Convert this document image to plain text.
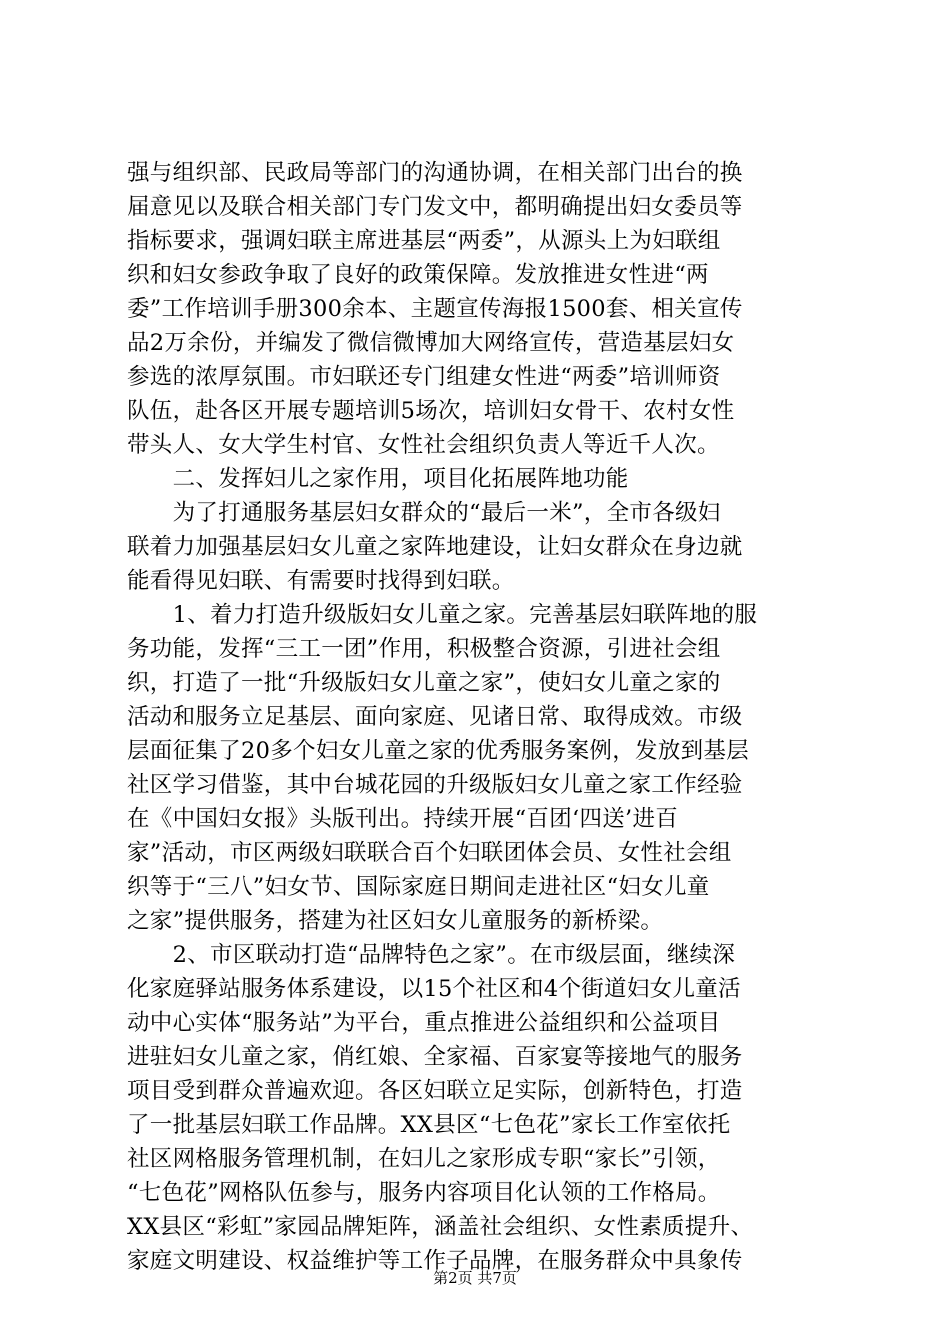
强与组织部、民政局等部门的沟通协调，在相关部门出台的换
届意见以及联合相关部门专门发文中，都明确提出妇女委员等
指标要求，强调妇联主席进基层“两委”，从源头上为妇联组
织和妇女参政争取了良好的政策保障。发放推进女性进“两
委”工作培训手册300余本、主题宣传海报1500套、相关宣传
品2万余份，并编发了微信微博加大网络宣传，营造基层妇女
参选的浓厚氛围。市妇联还专门组建女性进“两委”培训师资
队伍，赴各区开展专题培训5场次，培训妇女骨干、农村女性
带头人、女大学生村官、女性社会组织负责人等近千人次。
　　二、发挥妇儿之家作用，项目化拓展阵地功能
　　为了打通服务基层妇女群众的“最后一米”，全市各级妇
联着力加强基层妇女儿童之家阵地建设，让妇女群众在身边就
能看得见妇联、有需要时找得到妇联。
　　1、着力打造升级版妇女儿童之家。完善基层妇联阵地的服
务功能，发挥“三工一团”作用，积极整合资源，引进社会组
织，打造了一批“升级版妇女儿童之家”，使妇女儿童之家的
活动和服务立足基层、面向家庭、见诸日常、取得成效。市级
层面征集了20多个妇女儿童之家的优秀服务案例，发放到基层
社区学习借鉴，其中台城花园的升级版妇女儿童之家工作经验
在《中国妇女报》头版刊出。持续开展“百团‘四送’进百
家”活动，市区两级妇联联合百个妇联团体会员、女性社会组
织等于“三八”妇女节、国际家庭日期间走进社区“妇女儿童
之家”提供服务，搭建为社区妇女儿童服务的新桥梁。
　　2、市区联动打造“品牌特色之家”。在市级层面，继续深
化家庭驿站服务体系建设，以15个社区和4个街道妇女儿童活
动中心实体“服务站”为平台，重点推进公益组织和公益项目
进驻妇女儿童之家，俏红娘、全家福、百家宴等接地气的服务
项目受到群众普遍欢迎。各区妇联立足实际，创新特色，打造
了一批基层妇联工作品牌。XX县区“七色花”家长工作室依托
社区网格服务管理机制，在妇儿之家形成专职“家长”引领，
“七色花”网格队伍参与，服务内容项目化认领的工作格局。
XX县区“彩虹”家园品牌矩阵，涵盖社会组织、女性素质提升、
家庭文明建设、权益维护等工作子品牌，在服务群众中具象传
第2页 共7页
